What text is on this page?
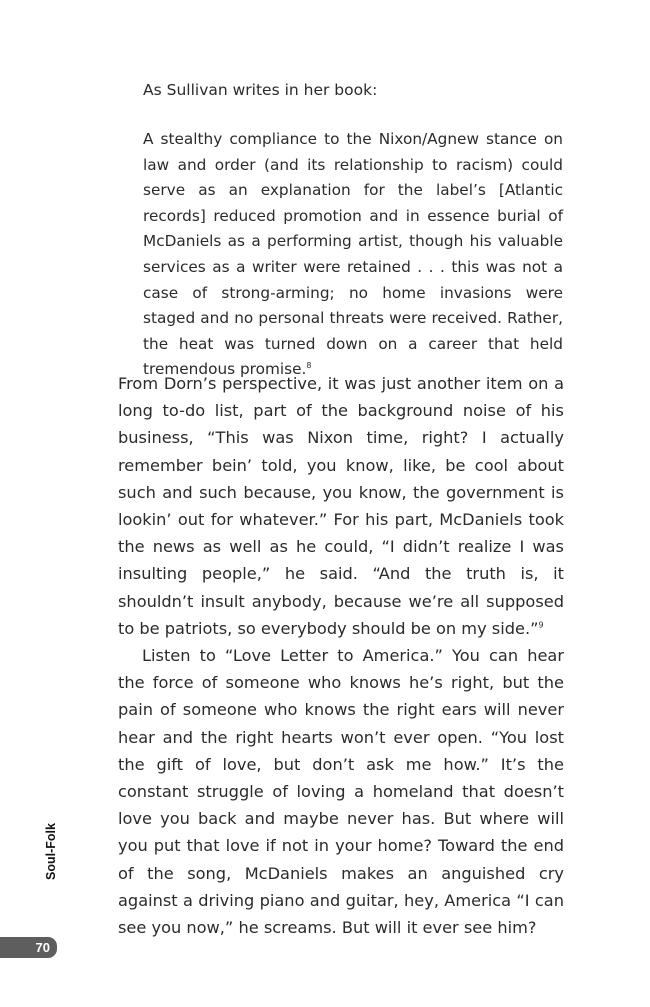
As Sullivan writes in her book:

A stealthy compliance to the Nixon/Agnew stance on law and order (and its relationship to racism) could serve as an explanation for the label’s [Atlantic records] reduced promotion and in essence burial of McDaniels as a performing artist, though his valuable services as a writer were retained . . . this was not a case of strong-arming; no home invasions were staged and no personal threats were received. Rather, the heat was turned down on a career that held tremendous promise.$^8$

From Dorn’s perspective, it was just another item on a long to-do list, part of the background noise of his business, “This was Nixon time, right? I actually remember bein’ told, you know, like, be cool about such and such because, you know, the government is lookin’ out for whatever.” For his part, McDaniels took the news as well as he could, “I didn’t realize I was insulting people,” he said. “And the truth is, it shouldn’t insult anybody, because we’re all supposed to be patriots, so everybody should be on my side.”$^9$

Listen to “Love Letter to America.” You can hear the force of someone who knows he’s right, but the pain of someone who knows the right ears will never hear and the right hearts won’t ever open. “You lost the gift of love, but don’t ask me how.” It’s the constant struggle of loving a homeland that doesn’t love you back and maybe never has. But where will you put that love if not in your home? Toward the end of the song, McDaniels makes an anguished cry against a driving piano and guitar, hey, America “I can see you now,” he screams. But will it ever see him?

Soul-Folk
70
